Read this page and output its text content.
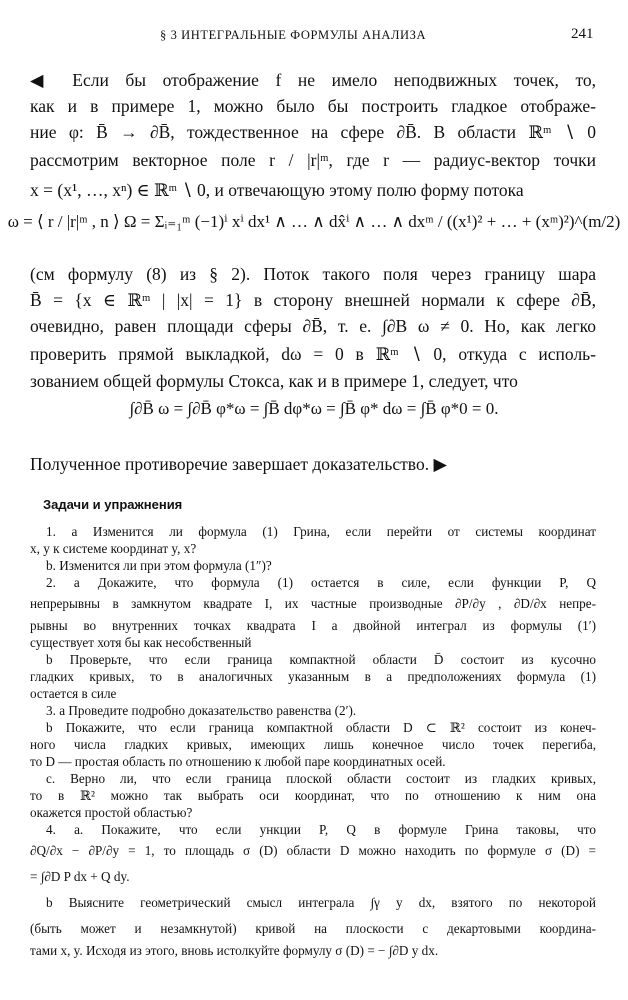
§ 3 ИНТЕГРАЛЬНЫЕ ФОРМУЛЫ АНАЛИЗА	241
◀ Если бы отображение f не имело неподвижных точек, то,
как и в примере 1, можно было бы построить гладкое отображе-
ние φ: B̄ → ∂B̄, тождественное на сфере ∂B̄. В области ℝᵐ ∖ 0
рассмотрим векторное поле r / |r|ᵐ, где r — радиус-вектор точки
x = (x¹, …, xⁿ) ∈ ℝᵐ ∖ 0, и отвечающую этому полю форму потока
ω = ⟨ r / |r|ᵐ , n ⟩ Ω = Σᵢ₌₁ᵐ (−1)ⁱ xⁱ dx¹ ∧ … ∧ dx̂ⁱ ∧ … ∧ dxᵐ / ((x¹)² + … + (xᵐ)²)^(m/2)
(см формулу (8) из § 2). Поток такого поля через границу шара
B̄ = {x ∈ ℝᵐ | |x| = 1} в сторону внешней нормали к сфере ∂B̄,
очевидно, равен площади сферы ∂B̄, т. е. ∫∂B ω ≠ 0. Но, как легко
проверить прямой выкладкой, dω = 0 в ℝᵐ ∖ 0, откуда с исполь-
зованием общей формулы Стокса, как и в примере 1, следует, что
∫∂B̄ ω = ∫∂B̄ φ*ω = ∫B̄ dφ*ω = ∫B̄ φ* dω = ∫B̄ φ*0 = 0.
Полученное противоречие завершает доказательство. ▶
Задачи и упражнения
1. a Изменится ли формула (1) Грина, если перейти от системы координат
x, y к системе координат y, x?
b. Изменится ли при этом формула (1″)?
2. a Докажите, что формула (1) остается в силе, если функции P, Q
непрерывны в замкнутом квадрате I, их частные производные ∂P/∂y , ∂D/∂x непре-
рывны во внутренних точках квадрата I а двойной интеграл из формулы (1′)
существует хотя бы как несобственный
b Проверьте, что если граница компактной области D̄ состоит из кусочно
гладких кривых, то в аналогичных указанным в а предположениях формула (1)
остается в силе
3. a Проведите подробно доказательство равенства (2′).
b Покажите, что если граница компактной области D ⊂ ℝ² состоит из конеч-
ного числа гладких кривых, имеющих лишь конечное число точек перегиба,
то D — простая область по отношению к любой паре координатных осей.
c. Верно ли, что если граница плоской области состоит из гладких кривых,
то в ℝ² можно так выбрать оси координат, что по отношению к ним она
окажется простой областью?
4. a. Покажите, что если ункции P, Q в формуле Грина таковы, что
∂Q/∂x − ∂P/∂y = 1, то площадь σ (D) области D можно находить по формуле σ (D) =
= ∫∂D P dx + Q dy.
b Выясните геометрический смысл интеграла ∫γ y dx, взятого по некоторой
(быть может и незамкнутой) кривой на плоскости с декартовыми координа-
тами x, y. Исходя из этого, вновь истолкуйте формулу σ (D) = − ∫∂D y dx.
